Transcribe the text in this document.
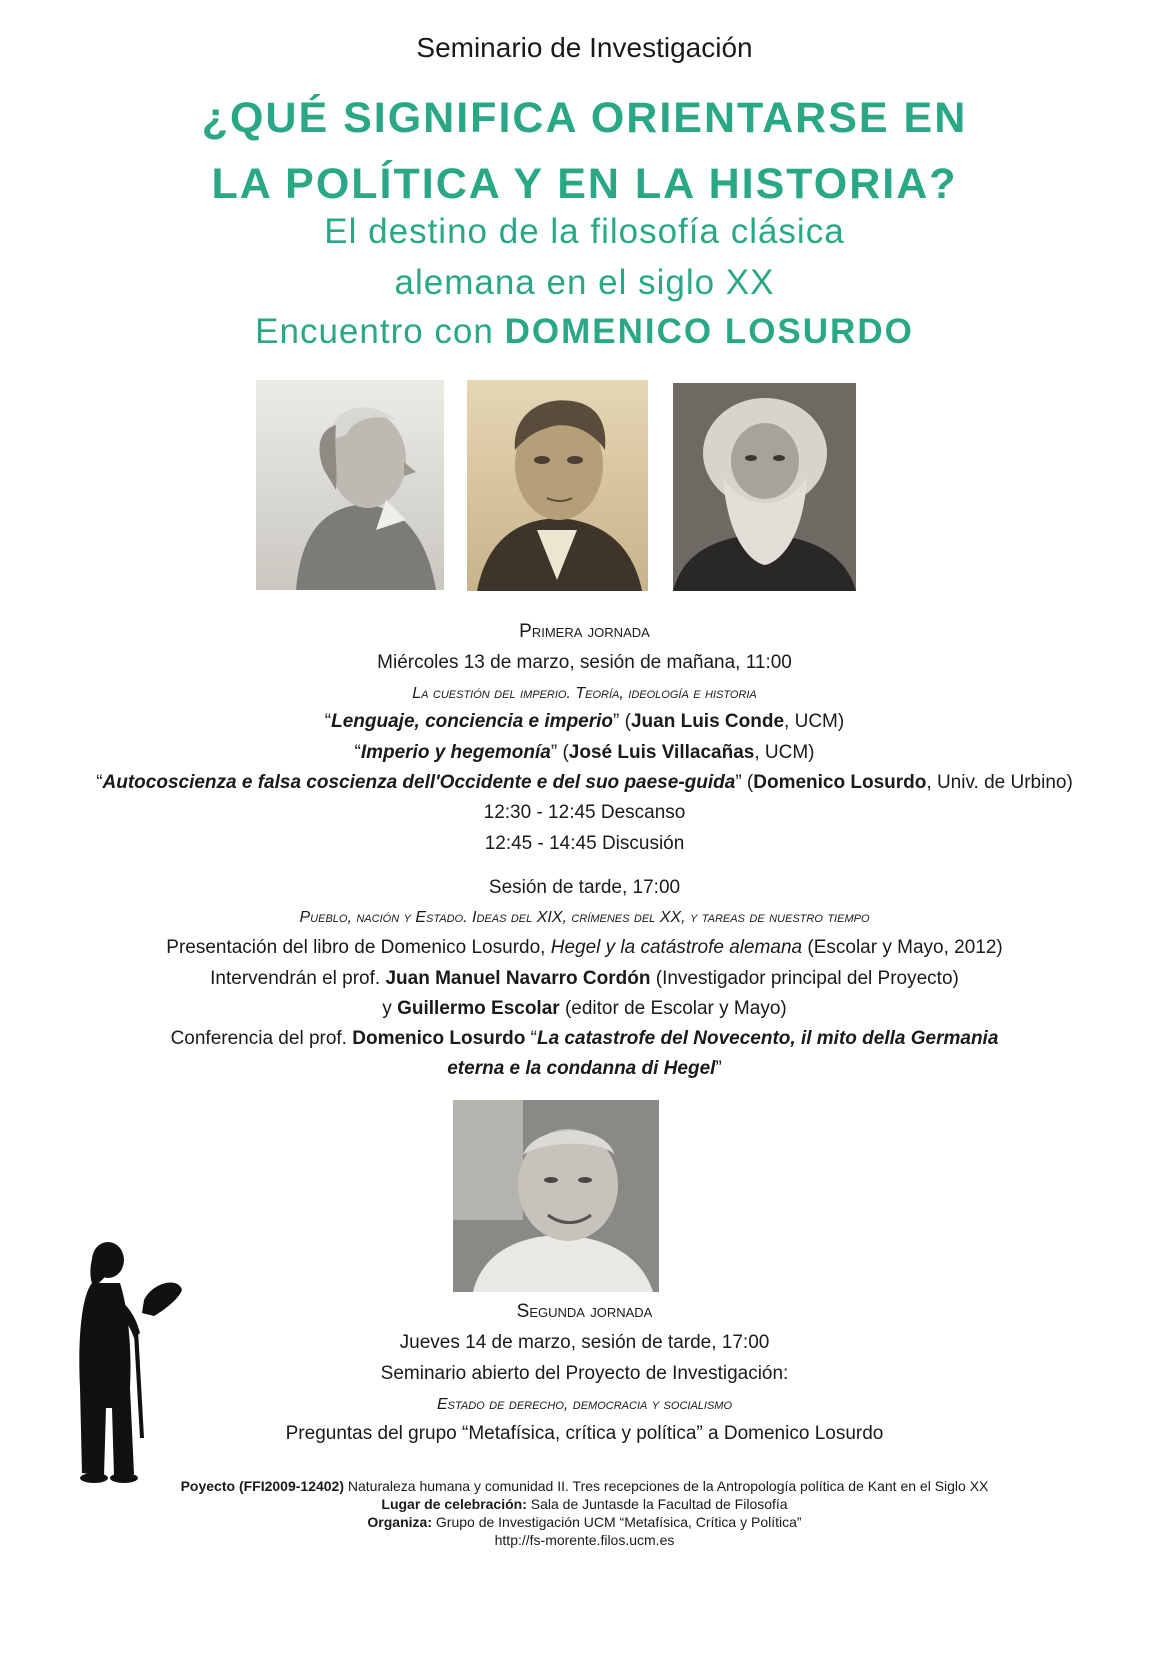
Seminario de Investigación
¿QUÉ SIGNIFICA ORIENTARSE EN
LA POLÍTICA Y EN LA HISTORIA?
El destino de la filosofía clásica
alemana en el siglo XX
Encuentro con DOMENICO LOSURDO
Primera jornada
Miércoles 13 de marzo, sesión de mañana, 11:00
La cuestión del imperio. Teoría, ideología e historia
“Lenguaje, conciencia e imperio” (Juan Luis Conde, UCM)
“Imperio y hegemonía” (José Luis Villacañas, UCM)
“Autocoscienza e falsa coscienza dell'Occidente e del suo paese-guida” (Domenico Losurdo, Univ. de Urbino)
12:30 - 12:45 Descanso
12:45 - 14:45 Discusión
Sesión de tarde, 17:00
Pueblo, nación y Estado. Ideas del XIX, crímenes del XX, y tareas de nuestro tiempo
Presentación del libro de Domenico Losurdo, Hegel y la catástrofe alemana (Escolar y Mayo, 2012)
Intervendrán el prof. Juan Manuel Navarro Cordón (Investigador principal del Proyecto)
y Guillermo Escolar (editor de Escolar y Mayo)
Conferencia del prof. Domenico Losurdo “La catastrofe del Novecento, il mito della Germania
eterna e la condanna di Hegel”
Segunda jornada
Jueves 14 de marzo, sesión de tarde, 17:00
Seminario abierto del Proyecto de Investigación:
Estado de derecho, democracia y socialismo
Preguntas del grupo “Metafísica, crítica y política” a Domenico Losurdo
Poyecto (FFI2009-12402) Naturaleza humana y comunidad II. Tres recepciones de la Antropología política de Kant en el Siglo XX
Lugar de celebración: Sala de Juntasde la Facultad de Filosofía
Organiza: Grupo de Investigación UCM “Metafísica, Crítica y Política”
http://fs-morente.filos.ucm.es
